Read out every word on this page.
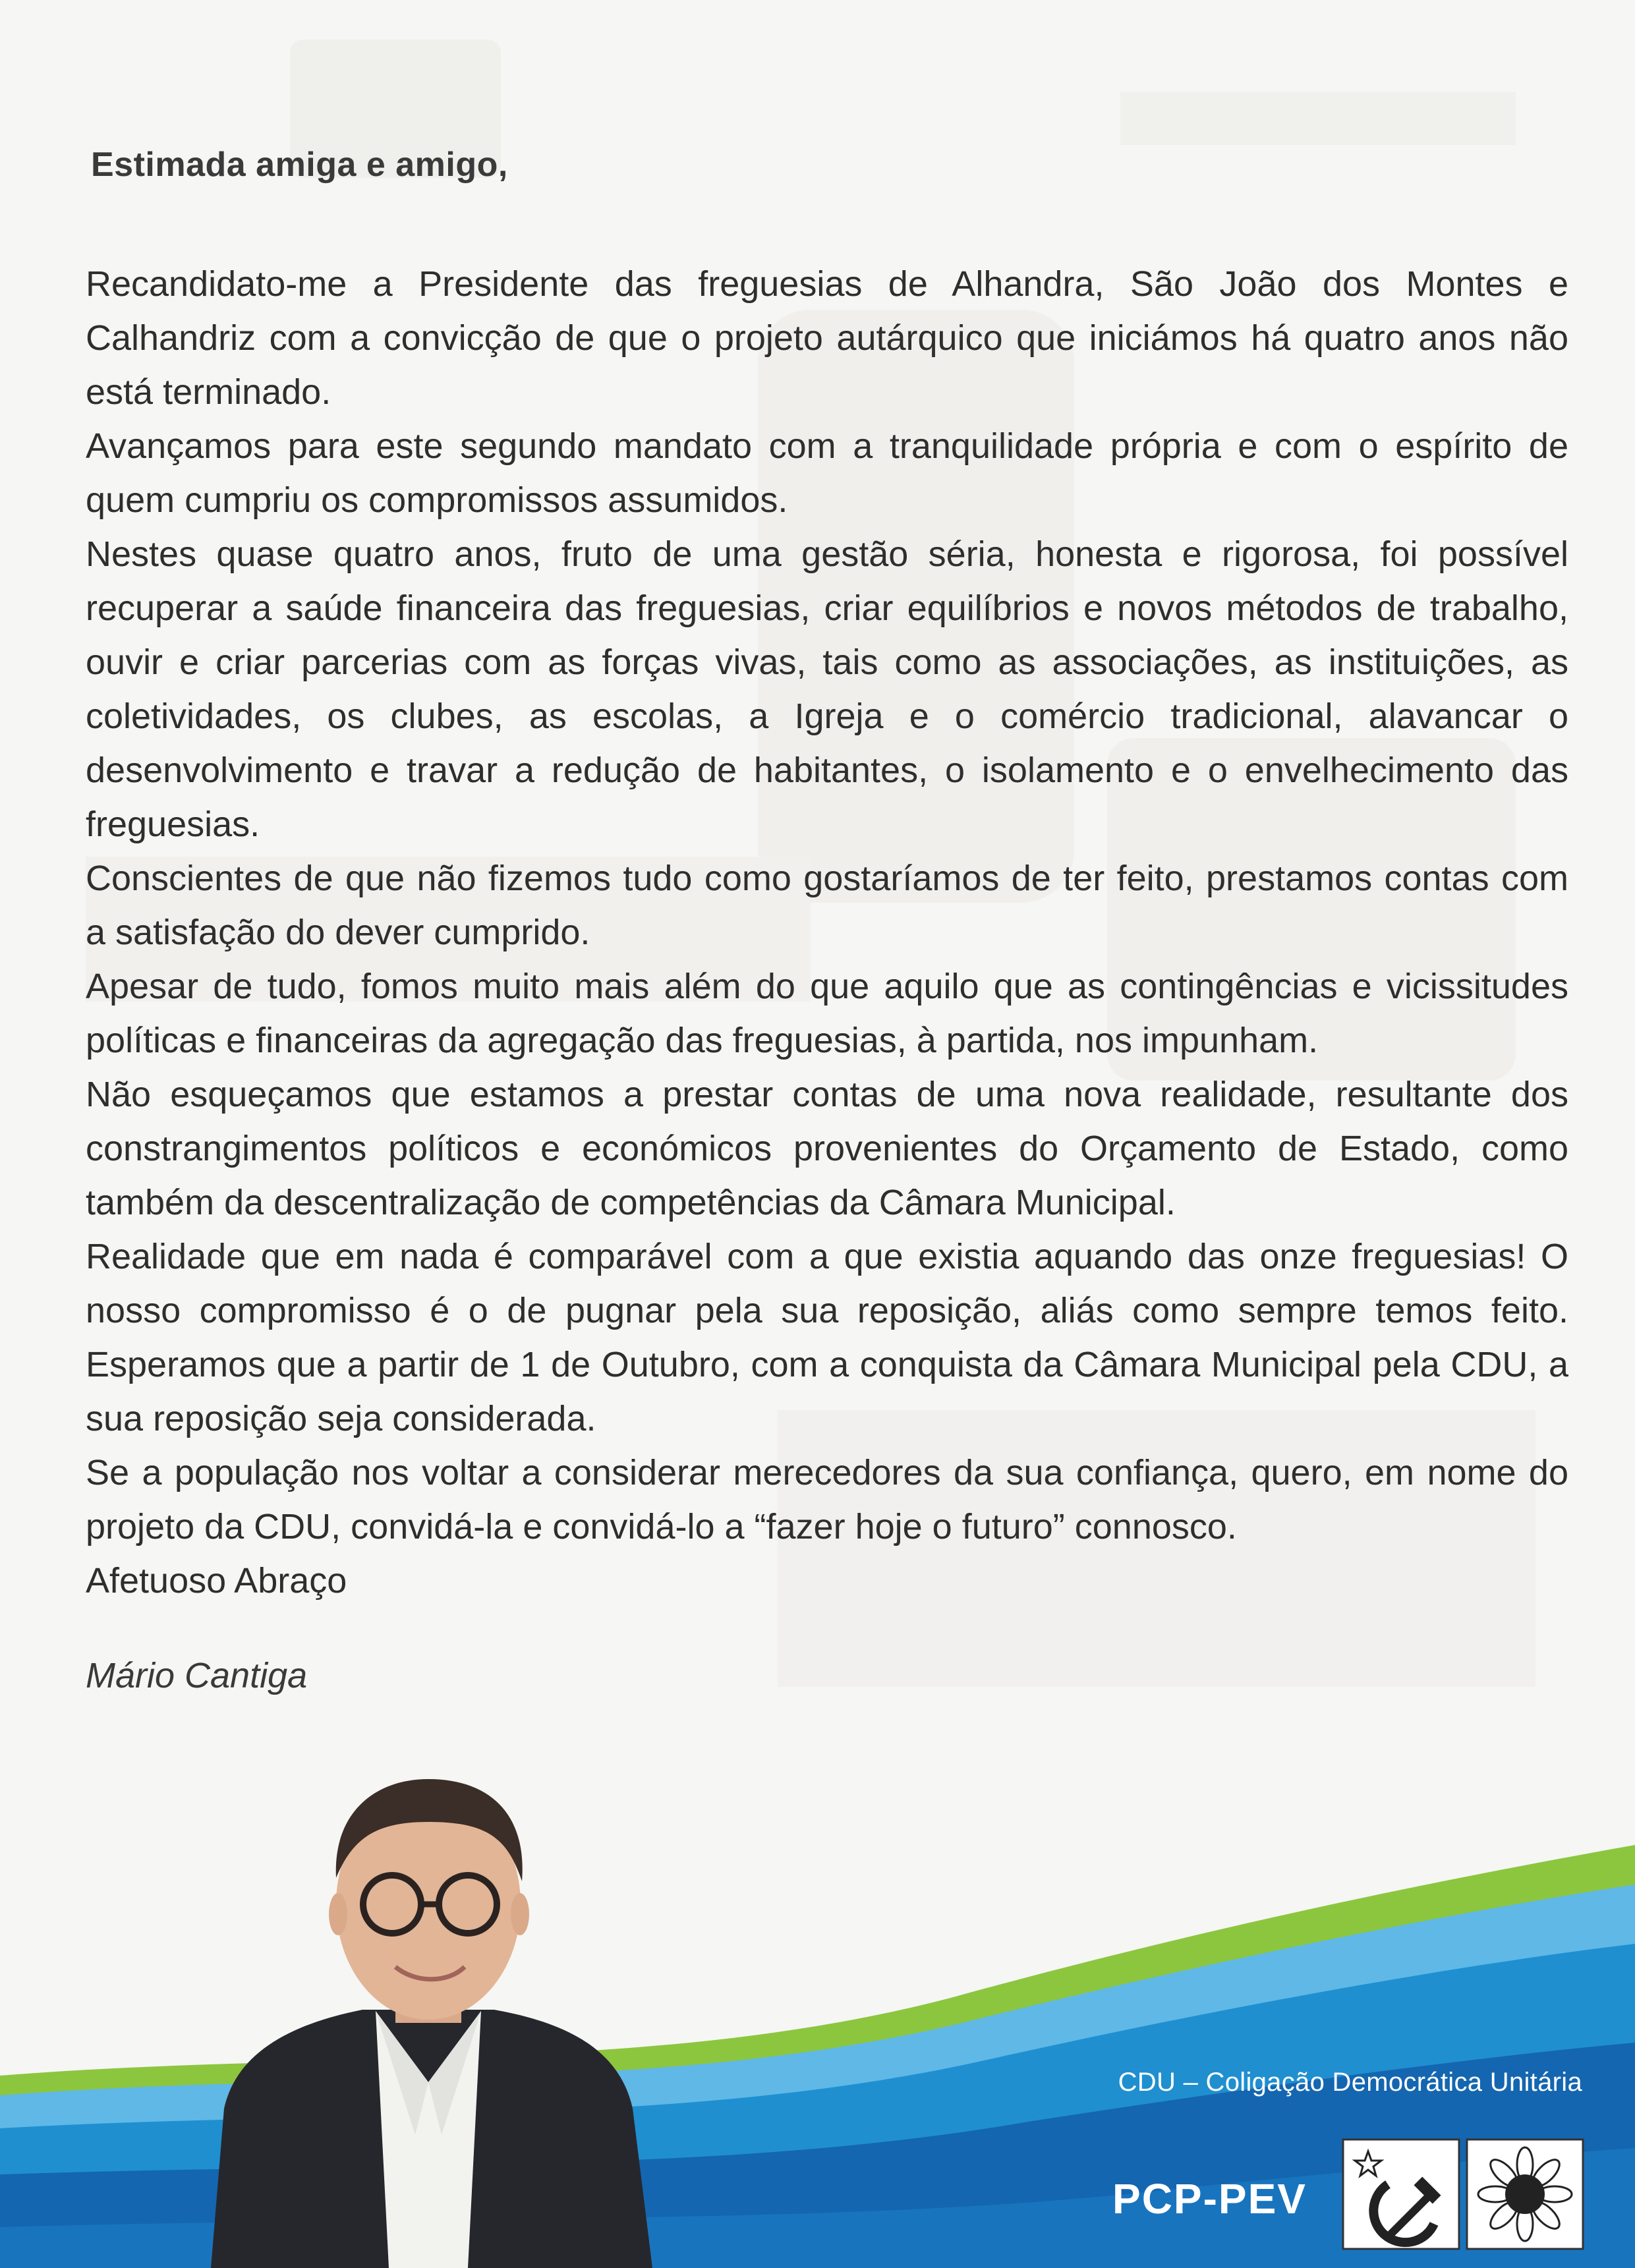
Estimada amiga e amigo,

Recandidato-me a Presidente das freguesias de Alhandra, São João dos Montes e Calhandriz com a convicção de que o projeto autárquico que iniciámos há quatro anos não está terminado.

Avançamos para este segundo mandato com a tranquilidade própria e com o espírito de quem cumpriu os compromissos assumidos.

Nestes quase quatro anos, fruto de uma gestão séria, honesta e rigorosa, foi possível recuperar a saúde financeira das freguesias, criar equilíbrios e novos métodos de trabalho, ouvir e criar parcerias com as forças vivas, tais como as associações, as instituições, as coletividades, os clubes, as escolas, a Igreja e o comércio tradicional, alavancar o desenvolvimento e travar a redução de habitantes, o isolamento e o envelhecimento das freguesias.

Conscientes de que não fizemos tudo como gostaríamos de ter feito, prestamos contas com a satisfação do dever cumprido.

Apesar de tudo, fomos muito mais além do que aquilo que as contingências e vicissitudes políticas e financeiras da agregação das freguesias, à partida, nos impunham.

Não esqueçamos que estamos a prestar contas de uma nova realidade, resultante dos constrangimentos políticos e económicos provenientes do Orçamento de Estado, como também da descentralização de competências da Câmara Municipal.

Realidade que em nada é comparável com a que existia aquando das onze freguesias! O nosso compromisso é o de pugnar pela sua reposição, aliás como sempre temos feito. Esperamos que a partir de 1 de Outubro, com a conquista da Câmara Municipal pela CDU, a sua reposição seja considerada.

Se a população nos voltar a considerar merecedores da sua confiança, quero, em nome do projeto da CDU, convidá-la e convidá-lo a “fazer hoje o futuro” connosco.

Afetuoso Abraço

Mário Cantiga
CDU – Coligação Democrática Unitária
PCP-PEV
